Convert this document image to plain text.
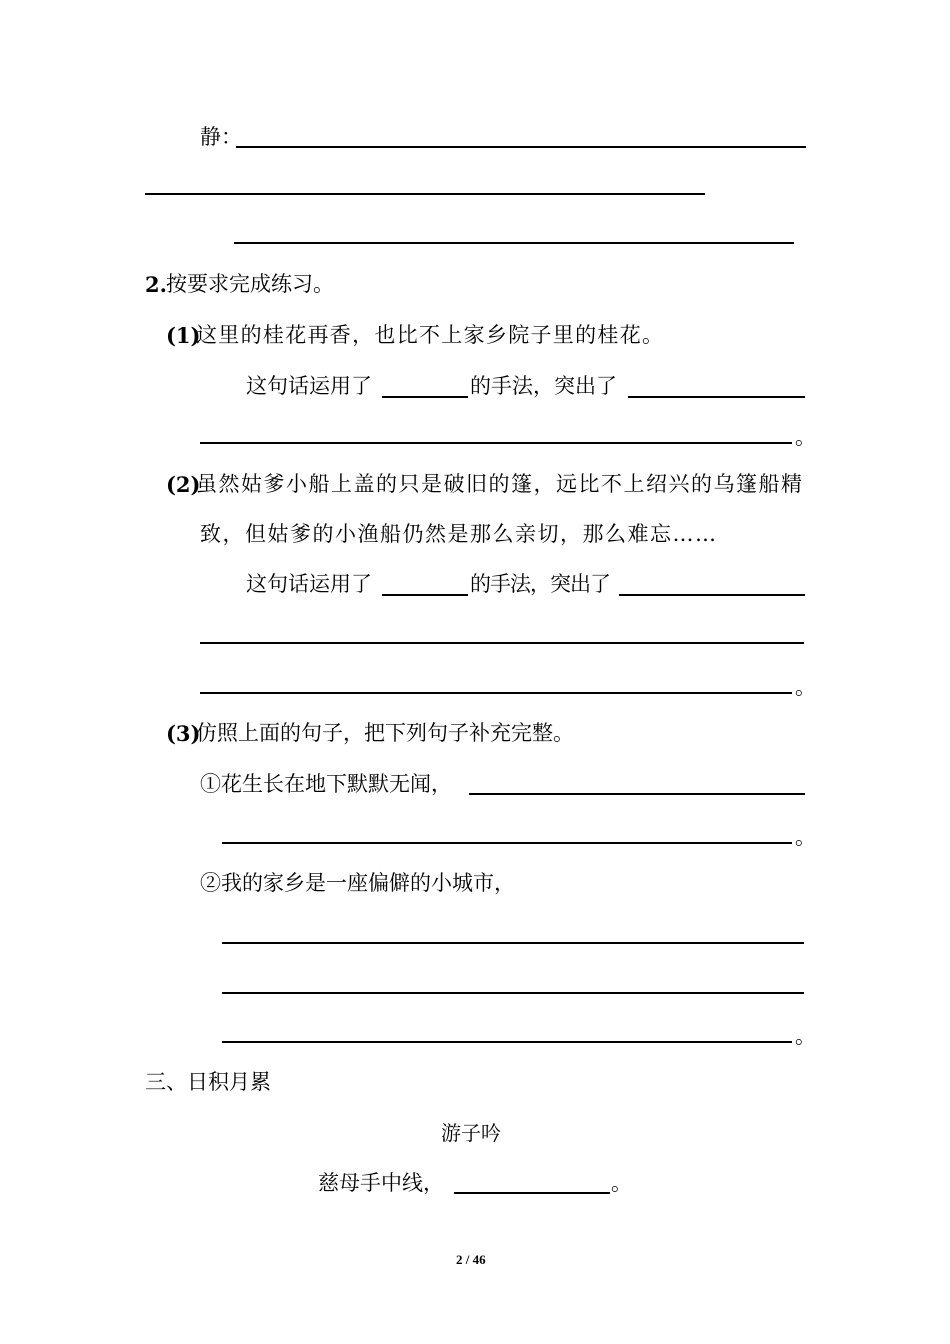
静：
2. 按要求完成练习。
(1)
这里的桂花再香，也比不上家乡院子里的桂花。
这句话运用了	的手法，突出了
。
(2)
虽然姑爹小船上盖的只是破旧的篷，远比不上绍兴的乌篷船精
致，但姑爹的小渔船仍然是那么亲切，那么难忘……
这句话运用了	的手法，突出了
。
(3)
仿照上面的句子，把下列句子补充完整。
①花生长在地下默默无闻，
。
②我的家乡是一座偏僻的小城市，
。
三、日积月累
游子吟
慈母手中线，	。
2 / 46
